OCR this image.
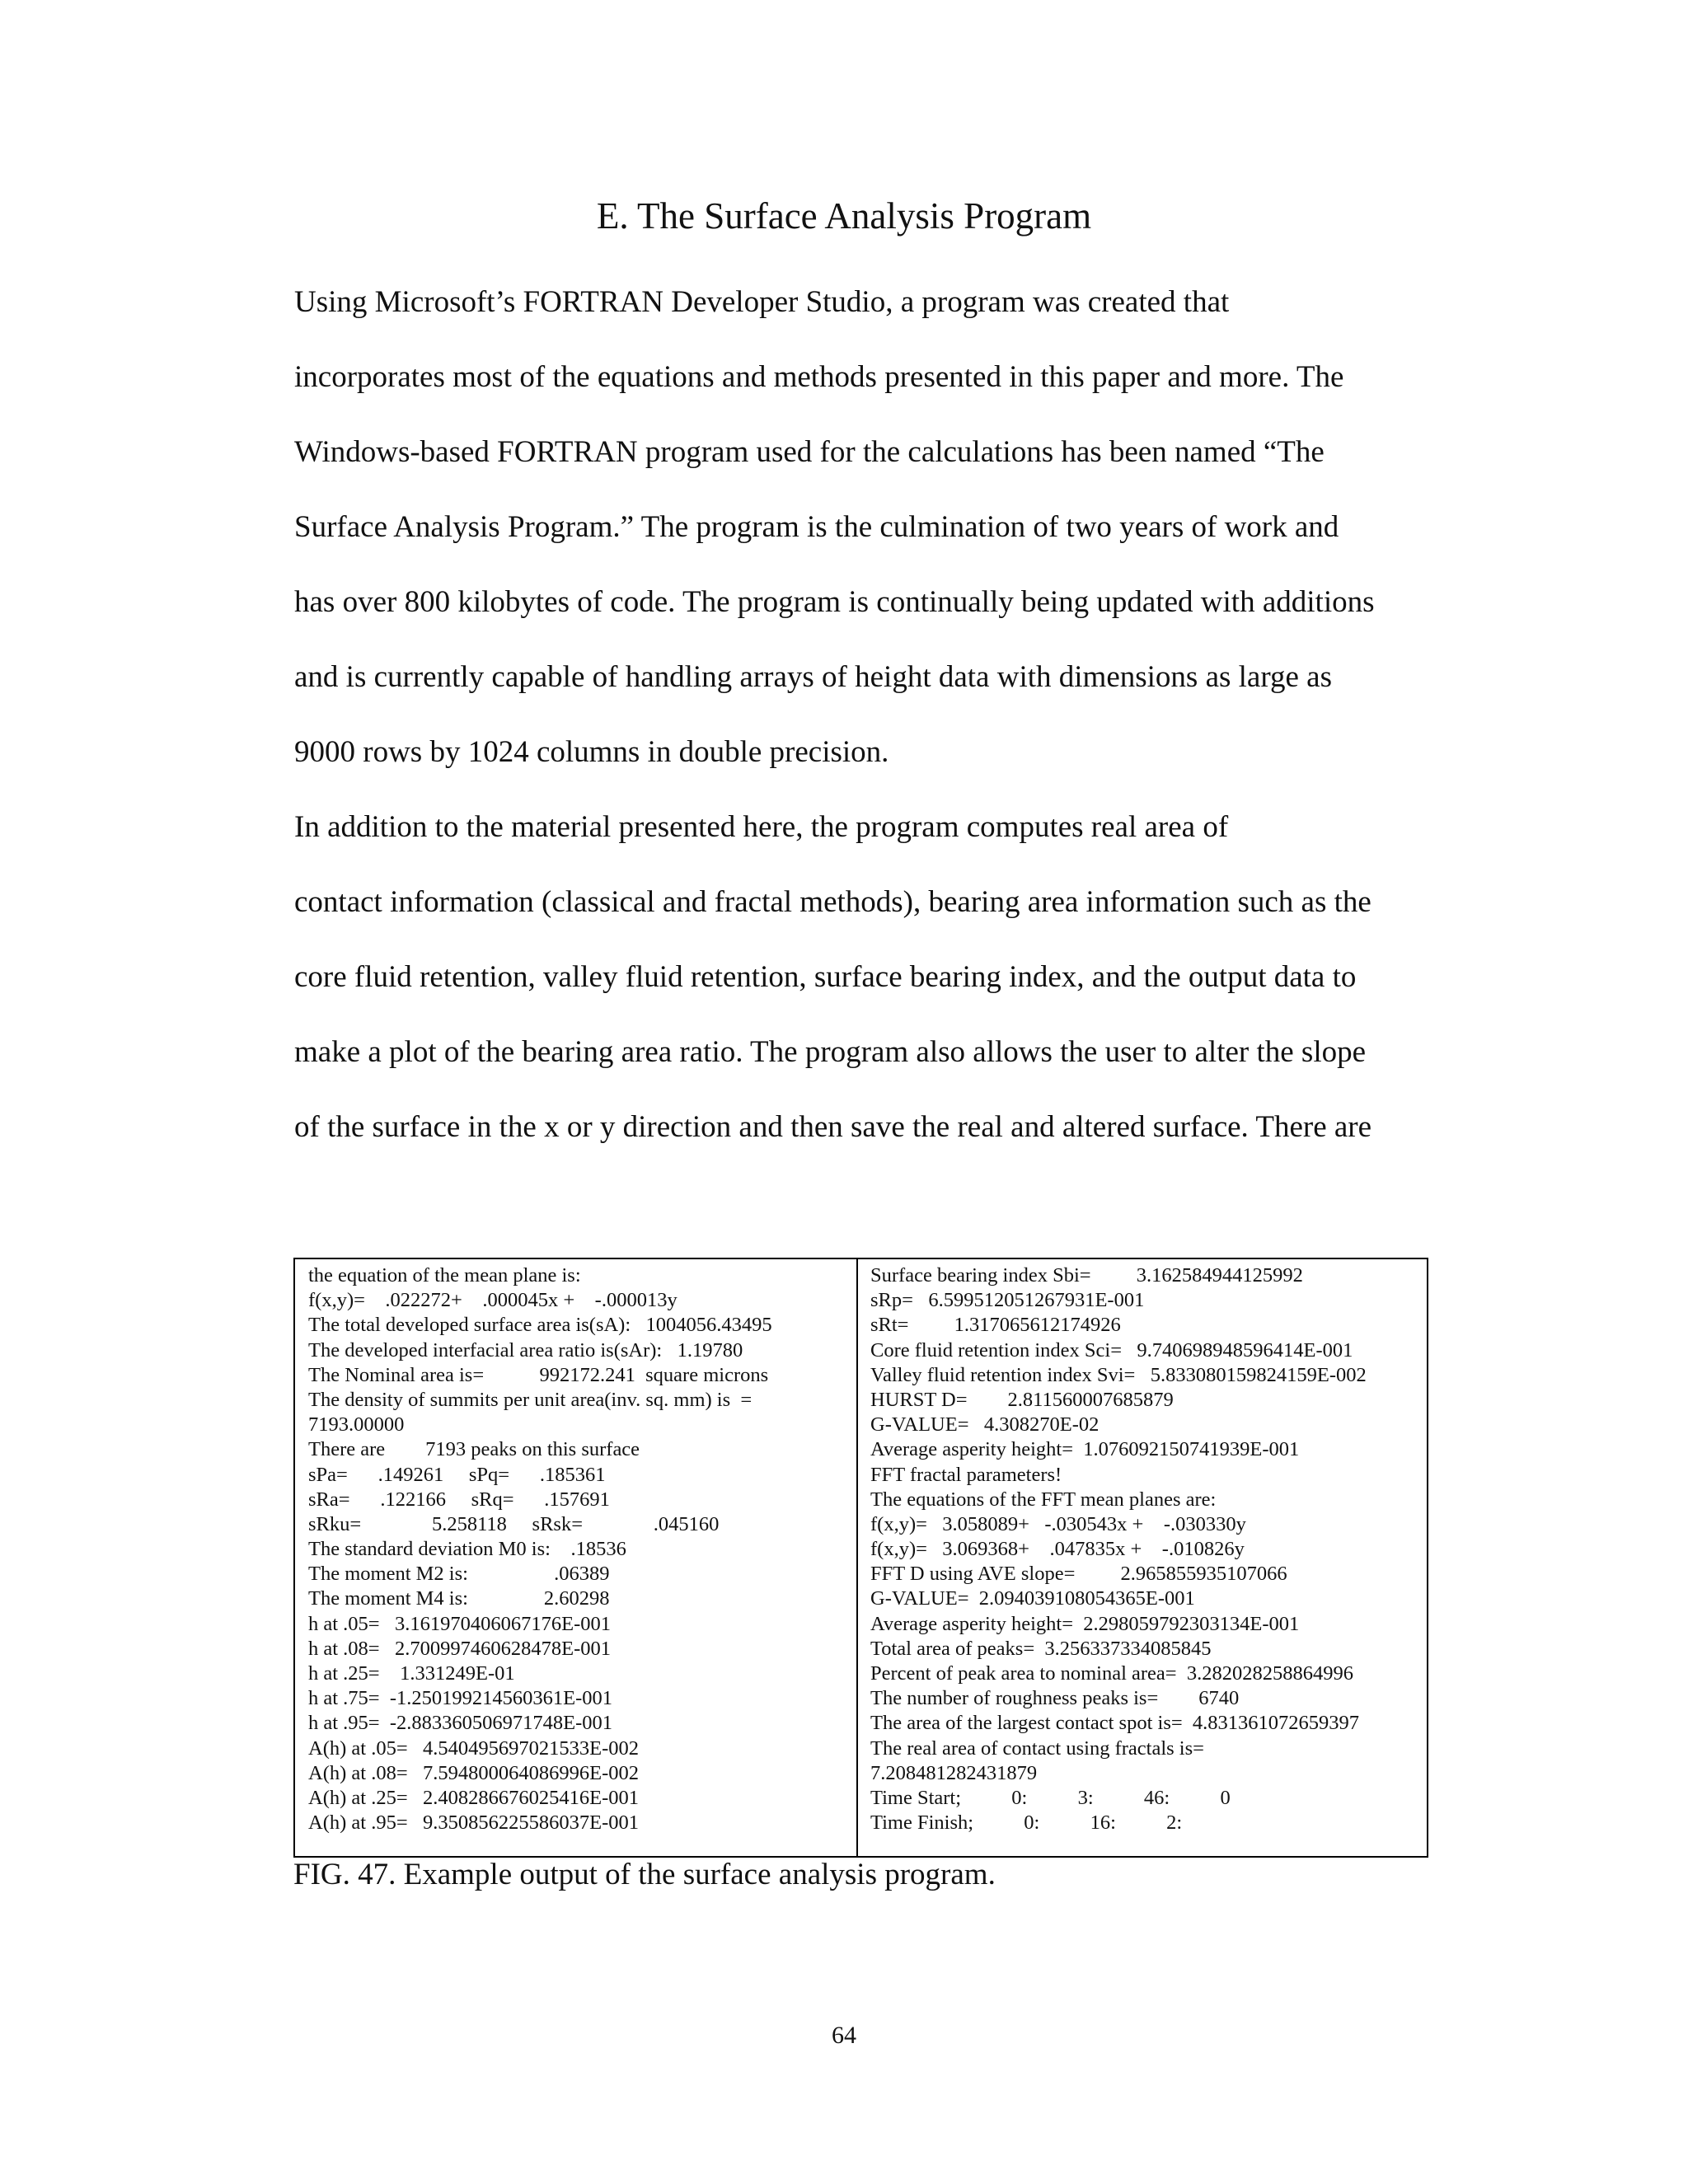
E. The Surface Analysis Program
Using Microsoft’s FORTRAN Developer Studio, a program was created that
incorporates most of the equations and methods presented in this paper and more. The
Windows-based FORTRAN program used for the calculations has been named “The
Surface Analysis Program.” The program is the culmination of two years of work and
has over 800 kilobytes of code. The program is continually being updated with additions
and is currently capable of handling arrays of height data with dimensions as large as
9000 rows by 1024 columns in double precision.
In addition to the material presented here, the program computes real area of
contact information (classical and fractal methods), bearing area information such as the
core fluid retention, valley fluid retention, surface bearing index, and the output data to
make a plot of the bearing area ratio. The program also allows the user to alter the slope
of the surface in the x or y direction and then save the real and altered surface. There are
the equation of the mean plane is:
f(x,y)=    .022272+    .000045x +    -.000013y
The total developed surface area is(sA):   1004056.43495
The developed interfacial area ratio is(sAr):   1.19780
The Nominal area is=           992172.241  square microns
The density of summits per unit area(inv. sq. mm) is  =
7193.00000
There are        7193 peaks on this surface
sPa=      .149261     sPq=      .185361
sRa=      .122166     sRq=      .157691
sRku=              5.258118     sRsk=              .045160
The standard deviation M0 is:    .18536
The moment M2 is:                 .06389
The moment M4 is:               2.60298
h at .05=   3.161970406067176E-001
h at .08=   2.700997460628478E-001
h at .25=    1.331249E-01
h at .75=  -1.250199214560361E-001
h at .95=  -2.883360506971748E-001
A(h) at .05=   4.540495697021533E-002
A(h) at .08=   7.594800064086996E-002
A(h) at .25=   2.408286676025416E-001
A(h) at .95=   9.350856225586037E-001
Surface bearing index Sbi=         3.162584944125992
sRp=   6.599512051267931E-001
sRt=         1.317065612174926
Core fluid retention index Sci=   9.740698948596414E-001
Valley fluid retention index Svi=   5.833080159824159E-002
HURST D=        2.811560007685879
G-VALUE=   4.308270E-02
Average asperity height=  1.076092150741939E-001
FFT fractal parameters!
The equations of the FFT mean planes are:
f(x,y)=   3.058089+   -.030543x +    -.030330y
f(x,y)=   3.069368+    .047835x +    -.010826y
FFT D using AVE slope=         2.965855935107066
G-VALUE=  2.094039108054365E-001
Average asperity height=  2.298059792303134E-001
Total area of peaks=  3.256337334085845
Percent of peak area to nominal area=  3.282028258864996
The number of roughness peaks is=        6740
The area of the largest contact spot is=  4.831361072659397
The real area of contact using fractals is=
7.208481282431879
Time Start;          0:          3:          46:          0
Time Finish;          0:          16:          2:
FIG. 47. Example output of the surface analysis program.
64
